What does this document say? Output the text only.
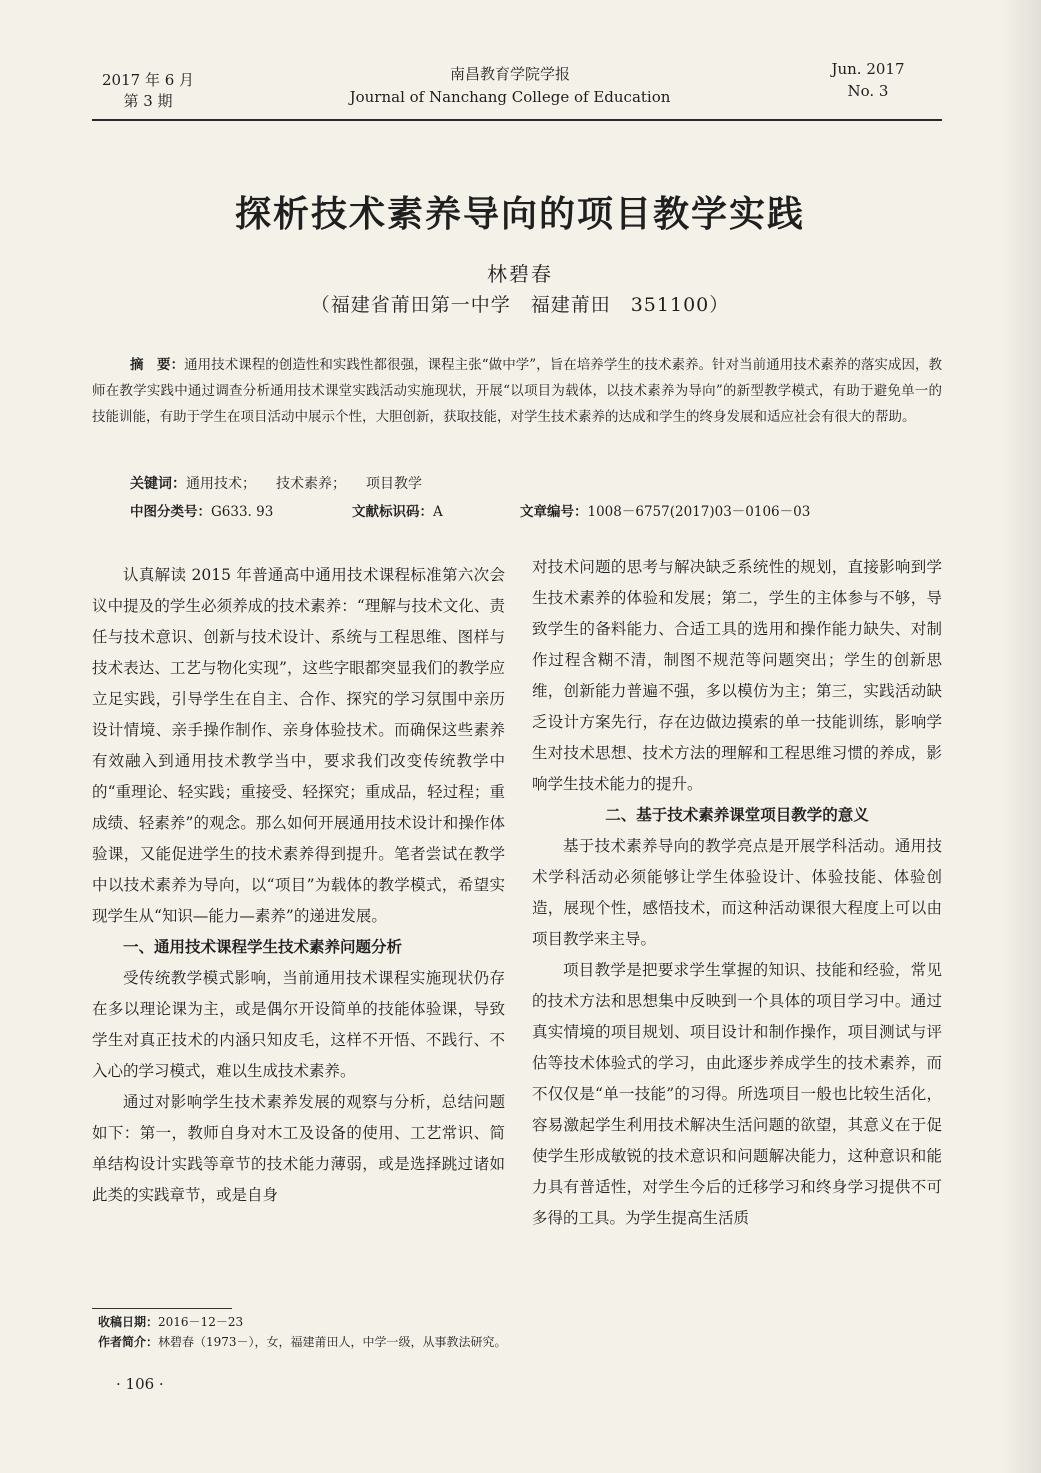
2017 年 6 月
第 3 期
南昌教育学院学报
Journal of Nanchang College of Education
Jun. 2017
No. 3
探析技术素养导向的项目教学实践
林碧春
（福建省莆田第一中学　福建莆田　351100）

摘　要：通用技术课程的创造性和实践性都很强，课程主张“做中学”，旨在培养学生的技术素养。针对当前通用技术素养的落实成因，教师在教学实践中通过调查分析通用技术课堂实践活动实施现状，开展“以项目为载体，以技术素养为导向”的新型教学模式，有助于避免单一的技能训能，有助于学生在项目活动中展示个性，大胆创新，获取技能，对学生技术素养的达成和学生的终身发展和适应社会有很大的帮助。

关键词：通用技术； 技术素养； 项目教学
中图分类号：G633. 93	文献标识码：A	文章编号：1008－6757(2017)03－0106－03

认真解读 2015 年普通高中通用技术课程标准第六次会议中提及的学生必须养成的技术素养：“理解与技术文化、责任与技术意识、创新与技术设计、系统与工程思维、图样与技术表达、工艺与物化实现”，这些字眼都突显我们的教学应立足实践，引导学生在自主、合作、探究的学习氛围中亲历设计情境、亲手操作制作、亲身体验技术。而确保这些素养有效融入到通用技术教学当中，要求我们改变传统教学中的“重理论、轻实践；重接受、轻探究；重成品，轻过程；重成绩、轻素养”的观念。那么如何开展通用技术设计和操作体验课，又能促进学生的技术素养得到提升。笔者尝试在教学中以技术素养为导向，以“项目”为载体的教学模式，希望实现学生从“知识—能力—素养”的递进发展。

一、通用技术课程学生技术素养问题分析

受传统教学模式影响，当前通用技术课程实施现状仍存在多以理论课为主，或是偶尔开设简单的技能体验课，导致学生对真正技术的内涵只知皮毛，这样不开悟、不践行、不入心的学习模式，难以生成技术素养。

通过对影响学生技术素养发展的观察与分析，总结问题如下：第一，教师自身对木工及设备的使用、工艺常识、简单结构设计实践等章节的技术能力薄弱，或是选择跳过诸如此类的实践章节，或是自身

对技术问题的思考与解决缺乏系统性的规划，直接影响到学生技术素养的体验和发展；第二，学生的主体参与不够，导致学生的备料能力、合适工具的选用和操作能力缺失、对制作过程含糊不清，制图不规范等问题突出；学生的创新思维，创新能力普遍不强，多以模仿为主；第三，实践活动缺乏设计方案先行，存在边做边摸索的单一技能训练，影响学生对技术思想、技术方法的理解和工程思维习惯的养成，影响学生技术能力的提升。

二、基于技术素养课堂项目教学的意义

基于技术素养导向的教学亮点是开展学科活动。通用技术学科活动必须能够让学生体验设计、体验技能、体验创造，展现个性，感悟技术，而这种活动课很大程度上可以由项目教学来主导。

项目教学是把要求学生掌握的知识、技能和经验，常见的技术方法和思想集中反映到一个具体的项目学习中。通过真实情境的项目规划、项目设计和制作操作，项目测试与评估等技术体验式的学习，由此逐步养成学生的技术素养，而不仅仅是“单一技能”的习得。所选项目一般也比较生活化，容易激起学生利用技术解决生活问题的欲望，其意义在于促使学生形成敏锐的技术意识和问题解决能力，这种意识和能力具有普适性，对学生今后的迁移学习和终身学习提供不可多得的工具。为学生提高生活质

收稿日期：2016－12－23
作者简介：林碧春（1973－），女，福建莆田人，中学一级，从事教法研究。
· 106 ·
